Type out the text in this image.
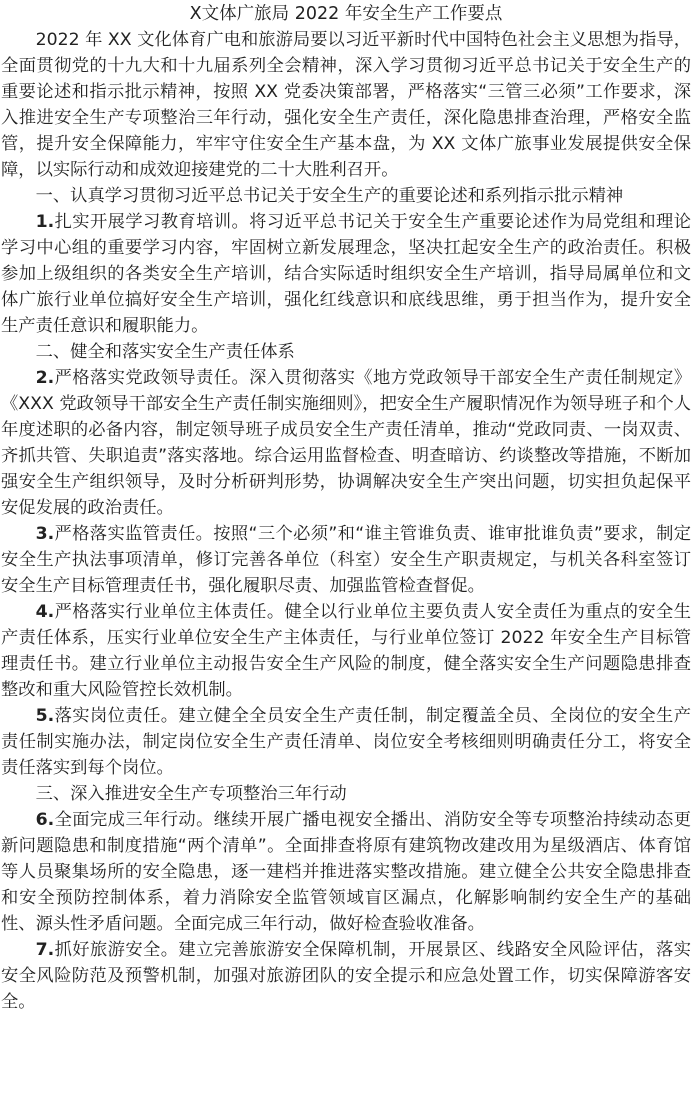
X文体广旅局 2022 年安全生产工作要点

2022 年 XX 文化体育广电和旅游局要以习近平新时代中国特色社会主义思想为指导，全面贯彻党的十九大和十九届系列全会精神，深入学习贯彻习近平总书记关于安全生产的重要论述和指示批示精神，按照 XX 党委决策部署，严格落实“三管三必须”工作要求，深入推进安全生产专项整治三年行动，强化安全生产责任，深化隐患排查治理，严格安全监管，提升安全保障能力，牢牢守住安全生产基本盘，为 XX 文体广旅事业发展提供安全保障，以实际行动和成效迎接建党的二十大胜利召开。

一、认真学习贯彻习近平总书记关于安全生产的重要论述和系列指示批示精神

1.扎实开展学习教育培训。将习近平总书记关于安全生产重要论述作为局党组和理论学习中心组的重要学习内容，牢固树立新发展理念，坚决扛起安全生产的政治责任。积极参加上级组织的各类安全生产培训，结合实际适时组织安全生产培训，指导局属单位和文体广旅行业单位搞好安全生产培训，强化红线意识和底线思维，勇于担当作为，提升安全生产责任意识和履职能力。

二、健全和落实安全生产责任体系

2.严格落实党政领导责任。深入贯彻落实《地方党政领导干部安全生产责任制规定》《XXX 党政领导干部安全生产责任制实施细则》，把安全生产履职情况作为领导班子和个人年度述职的必备内容，制定领导班子成员安全生产责任清单，推动“党政同责、一岗双责、齐抓共管、失职追责”落实落地。综合运用监督检查、明查暗访、约谈整改等措施，不断加强安全生产组织领导，及时分析研判形势，协调解决安全生产突出问题，切实担负起保平安促发展的政治责任。

3.严格落实监管责任。按照“三个必须”和“谁主管谁负责、谁审批谁负责”要求，制定安全生产执法事项清单，修订完善各单位（科室）安全生产职责规定，与机关各科室签订安全生产目标管理责任书，强化履职尽责、加强监管检查督促。

4.严格落实行业单位主体责任。健全以行业单位主要负责人安全责任为重点的安全生产责任体系，压实行业单位安全生产主体责任，与行业单位签订 2022 年安全生产目标管理责任书。建立行业单位主动报告安全生产风险的制度，健全落实安全生产问题隐患排查整改和重大风险管控长效机制。

5.落实岗位责任。建立健全全员安全生产责任制，制定覆盖全员、全岗位的安全生产责任制实施办法，制定岗位安全生产责任清单、岗位安全考核细则明确责任分工，将安全责任落实到每个岗位。

三、深入推进安全生产专项整治三年行动

6.全面完成三年行动。继续开展广播电视安全播出、消防安全等专项整治持续动态更新问题隐患和制度措施“两个清单”。全面排查将原有建筑物改建改用为星级酒店、体育馆等人员聚集场所的安全隐患，逐一建档并推进落实整改措施。建立健全公共安全隐患排查和安全预防控制体系，着力消除安全监管领域盲区漏点，化解影响制约安全生产的基础性、源头性矛盾问题。全面完成三年行动，做好检查验收准备。

7.抓好旅游安全。建立完善旅游安全保障机制，开展景区、线路安全风险评估，落实安全风险防范及预警机制，加强对旅游团队的安全提示和应急处置工作，切实保障游客安全。
